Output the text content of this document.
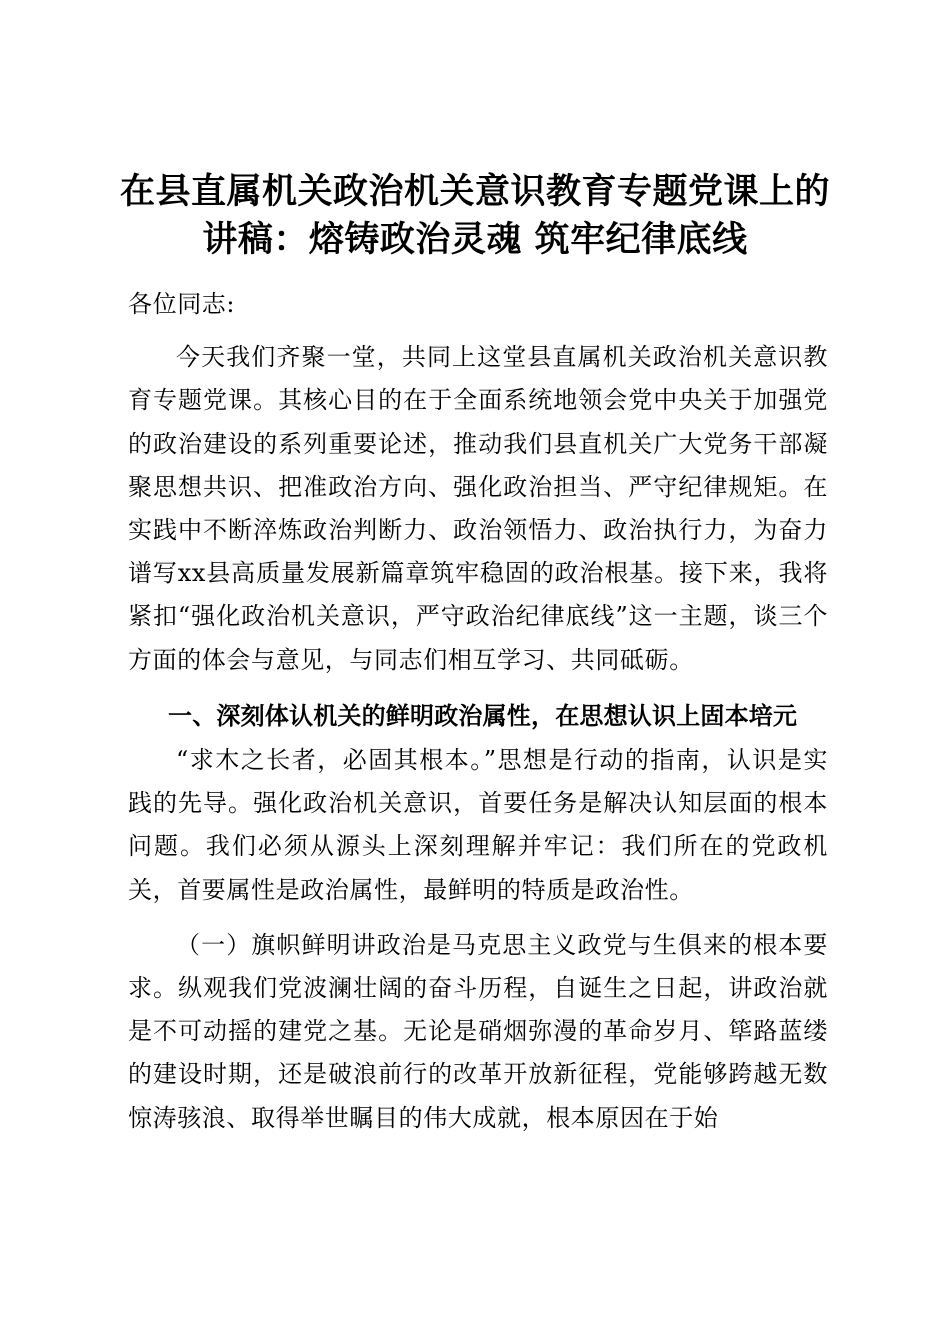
在县直属机关政治机关意识教育专题党课上的
讲稿：熔铸政治灵魂 筑牢纪律底线

各位同志:

今天我们齐聚一堂，共同上这堂县直属机关政治机关意识教育专题党课。其核心目的在于全面系统地领会党中央关于加强党的政治建设的系列重要论述，推动我们县直机关广大党务干部凝聚思想共识、把准政治方向、强化政治担当、严守纪律规矩。在实践中不断淬炼政治判断力、政治领悟力、政治执行力，为奋力谱写xx县高质量发展新篇章筑牢稳固的政治根基。接下来，我将紧扣“强化政治机关意识，严守政治纪律底线”这一主题，谈三个方面的体会与意见，与同志们相互学习、共同砥砺。

一、深刻体认机关的鲜明政治属性，在思想认识上固本培元

“求木之长者，必固其根本。”思想是行动的指南，认识是实践的先导。强化政治机关意识，首要任务是解决认知层面的根本问题。我们必须从源头上深刻理解并牢记：我们所在的党政机关，首要属性是政治属性，最鲜明的特质是政治性。

（一）旗帜鲜明讲政治是马克思主义政党与生俱来的根本要求。纵观我们党波澜壮阔的奋斗历程，自诞生之日起，讲政治就是不可动摇的建党之基。无论是硝烟弥漫的革命岁月、筚路蓝缕的建设时期，还是破浪前行的改革开放新征程，党能够跨越无数惊涛骇浪、取得举世瞩目的伟大成就，根本原因在于始
